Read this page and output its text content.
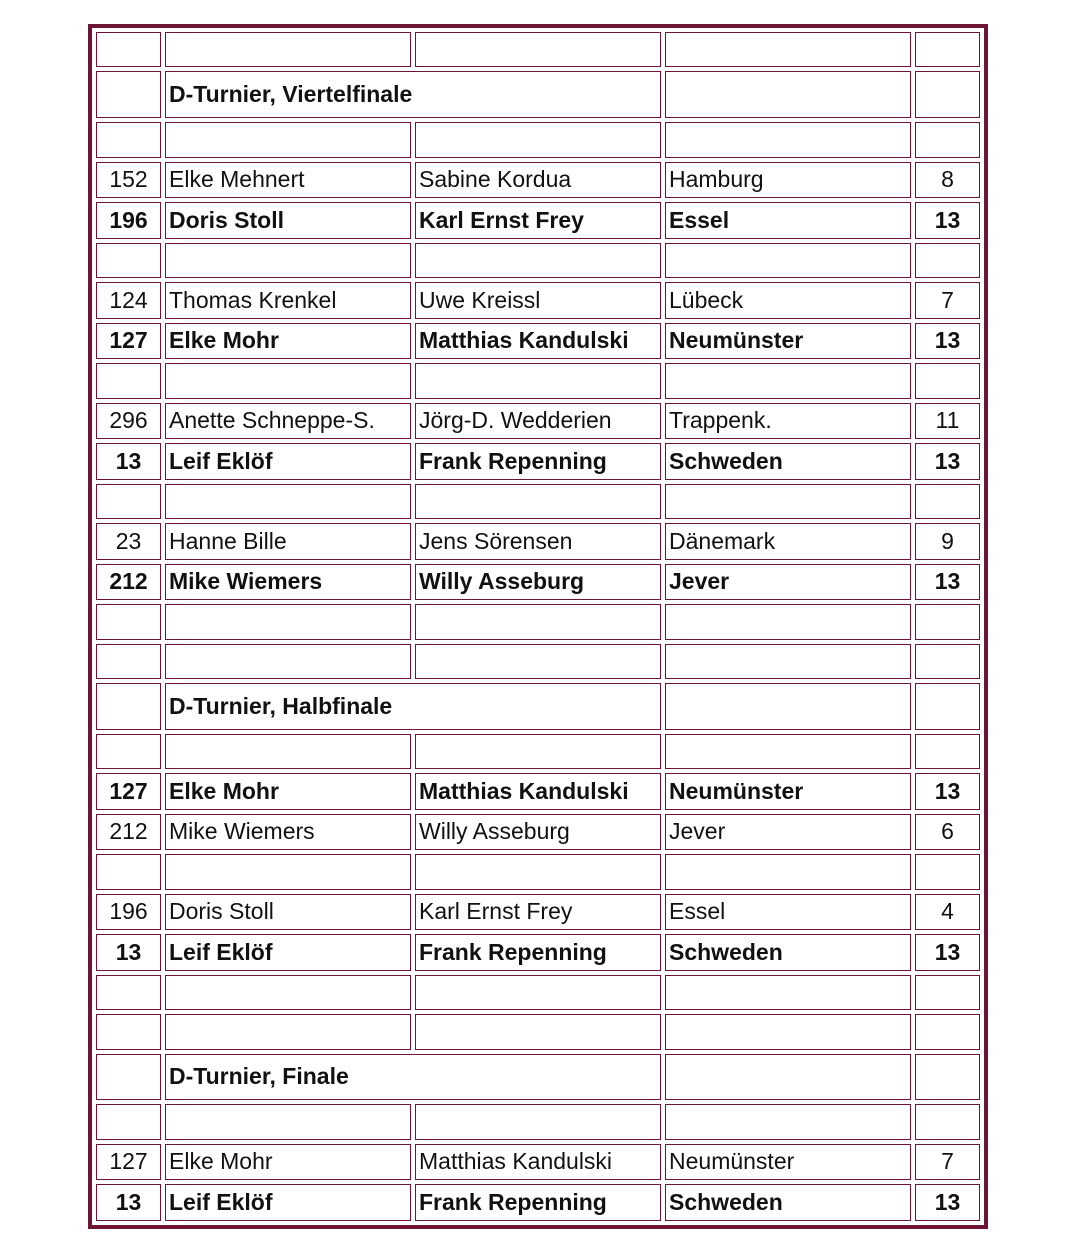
	D-Turnier, Viertelfinale			

152	Elke Mehnert	Sabine Kordua	Hamburg	8
196	Doris Stoll	Karl Ernst Frey	Essel	13

124	Thomas Krenkel	Uwe Kreissl	Lübeck	7
127	Elke Mohr	Matthias Kandulski	Neumünster	13

296	Anette Schneppe-S.	Jörg-D. Wedderien	Trappenk.	11
13	Leif Eklöf	Frank Repenning	Schweden	13

23	Hanne Bille	Jens Sörensen	Dänemark	9
212	Mike Wiemers	Willy Asseburg	Jever	13

	D-Turnier, Halbfinale			

127	Elke Mohr	Matthias Kandulski	Neumünster	13
212	Mike Wiemers	Willy Asseburg	Jever	6

196	Doris Stoll	Karl Ernst Frey	Essel	4
13	Leif Eklöf	Frank Repenning	Schweden	13

	D-Turnier, Finale			

127	Elke Mohr	Matthias Kandulski	Neumünster	7
13	Leif Eklöf	Frank Repenning	Schweden	13
